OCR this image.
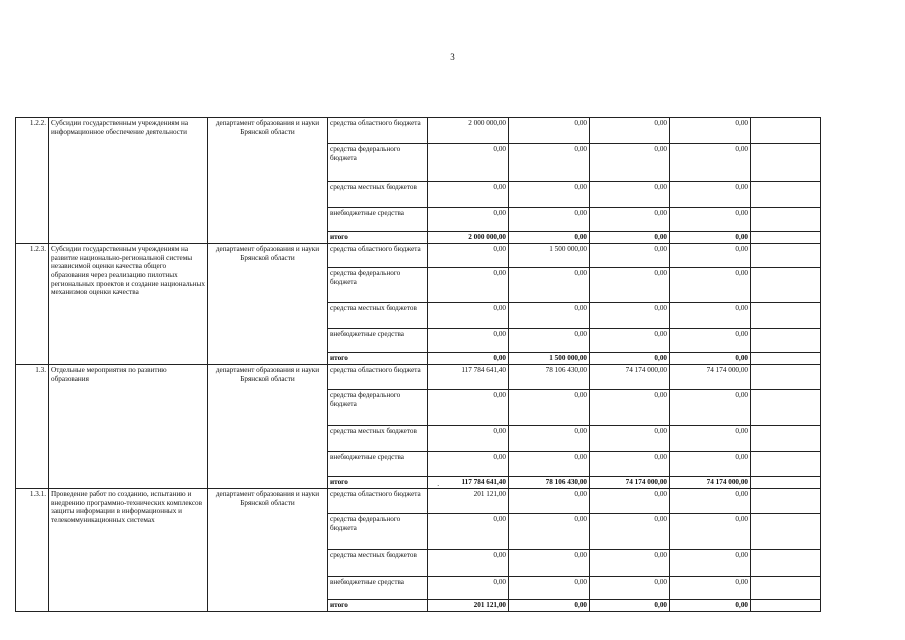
3
1.2.2.	Субсидии государственным учреждениям на информационное обеспечение деятельности	департамент образования и науки Брянской области	средства областного бюджета	2 000 000,00	0,00	0,00	0,00	
			средства федерального бюджета	0,00	0,00	0,00	0,00	
			средства местных бюджетов	0,00	0,00	0,00	0,00	
			внебюджетные средства	0,00	0,00	0,00	0,00	
			итого	2 000 000,00	0,00	0,00	0,00	
1.2.3.	Субсидии государственным учреждениям на развитие национально-региональной системы независимой оценки качества общего образования через реализацию пилотных региональных проектов и создание национальных механизмов оценки качества	департамент образования и науки Брянской области	средства областного бюджета	0,00	1 500 000,00	0,00	0,00	
			средства федерального бюджета	0,00	0,00	0,00	0,00	
			средства местных бюджетов	0,00	0,00	0,00	0,00	
			внебюджетные средства	0,00	0,00	0,00	0,00	
			итого	0,00	1 500 000,00	0,00	0,00	
1.3.	Отдельные мероприятия по развитию образования	департамент образования и науки Брянской области	средства областного бюджета	117 784 641,40	78 106 430,00	74 174 000,00	74 174 000,00	
			средства федерального бюджета	0,00	0,00	0,00	0,00	
			средства местных бюджетов	0,00	0,00	0,00	0,00	
			внебюджетные средства	0,00	0,00	0,00	0,00	
			итого	117 784 641,40	78 106 430,00	74 174 000,00	74 174 000,00	
1.3.1.	Проведение работ по созданию, испытанию и внедрению программно-технических комплексов защиты информации в информационных и телекоммуникационных системах	департамент образования и науки Брянской области	средства областного бюджета	201 121,00	0,00	0,00	0,00	
			средства федерального бюджета	0,00	0,00	0,00	0,00	
			средства местных бюджетов	0,00	0,00	0,00	0,00	
			внебюджетные средства	0,00	0,00	0,00	0,00	
			итого	201 121,00	0,00	0,00	0,00	
·
